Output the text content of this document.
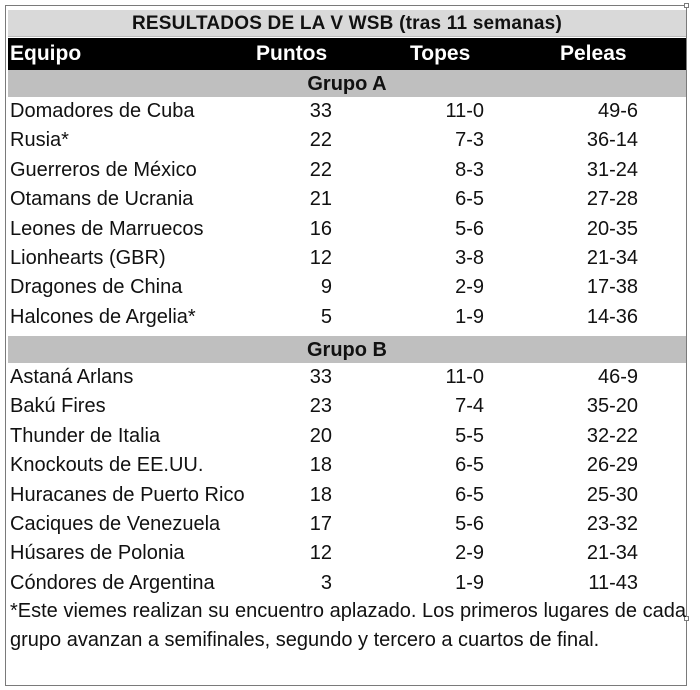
RESULTADOS DE LA V WSB (tras 11 semanas)
Equipo	Puntos	Topes	Peleas
Grupo A
Domadores de Cuba	33	11-0	49-6
Rusia*	22	7-3	36-14
Guerreros de México	22	8-3	31-24
Otamans de Ucrania	21	6-5	27-28
Leones de Marruecos	16	5-6	20-35
Lionhearts (GBR)	12	3-8	21-34
Dragones de China	9	2-9	17-38
Halcones de Argelia*	5	1-9	14-36
Grupo B
Astaná Arlans	33	11-0	46-9
Bakú Fires	23	7-4	35-20
Thunder de Italia	20	5-5	32-22
Knockouts de EE.UU.	18	6-5	26-29
Huracanes de Puerto Rico	18	6-5	25-30
Caciques de Venezuela	17	5-6	23-32
Húsares de Polonia	12	2-9	21-34
Cóndores de Argentina	3	1-9	11-43
*Este viemes realizan su encuentro aplazado. Los primeros lugares de cada grupo avanzan a semifinales, segundo y tercero a cuartos de final.
